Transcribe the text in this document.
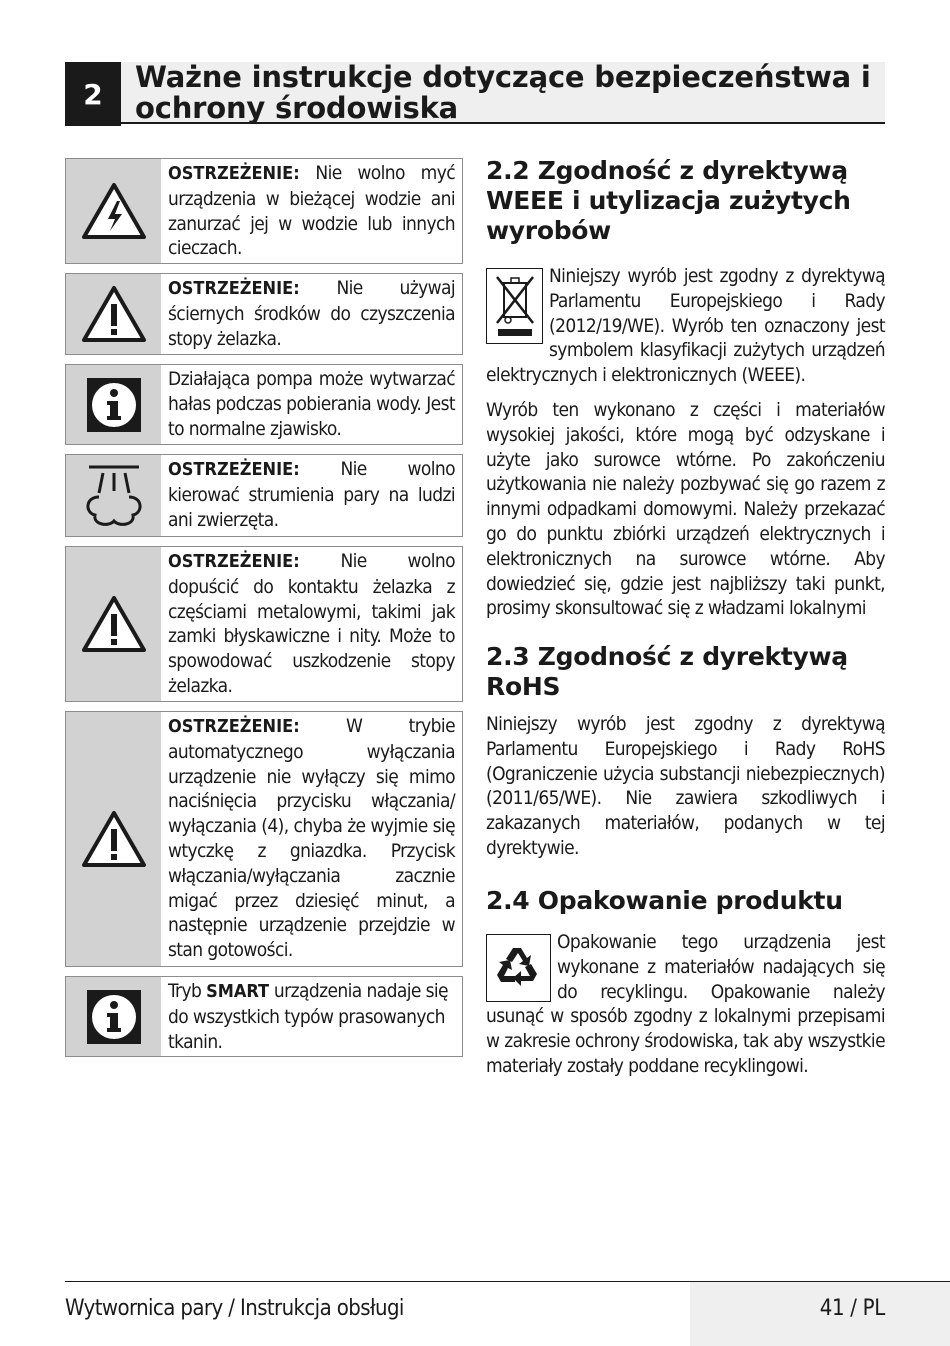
2	Ważne instrukcje dotyczące bezpieczeństwa i
ochrony środowiska
OSTRZEŻENIE: Nie wolno myć urządzenia w bieżącej wodzie ani zanurzać jej w wodzie lub innych cieczach.
OSTRZEŻENIE: Nie używaj ściernych środków do czyszczenia stopy żelazka.
Działająca pompa może wytwarzać hałas podczas pobierania wody. Jest to normalne zjawisko.
OSTRZEŻENIE: Nie wolno kierować strumienia pary na ludzi ani zwierzęta.
OSTRZEŻENIE: Nie wolno dopuścić do kontaktu żelazka z częściami metalowymi, takimi jak zamki błyskawiczne i nity. Może to spowodować uszkodzenie stopy żelazka.
OSTRZEŻENIE: W trybie automatycznego wyłączania urządzenie nie wyłączy się mimo naciśnięcia przycisku włączania/ wyłączania (4), chyba że wyjmie się wtyczkę z gniazdka. Przycisk włączania/wyłączania zacznie migać przez dziesięć minut, a następnie urządzenie przejdzie w stan gotowości.
Tryb SMART urządzenia nadaje się do wszystkich typów prasowanych tkanin.
2.2 Zgodność z dyrektywą WEEE i utylizacja zużytych wyrobów

Niniejszy wyrób jest zgodny z dyrektywą Parlamentu Europejskiego i Rady (2012/19/WE). Wyrób ten oznaczony jest symbolem klasyfikacji zużytych urządzeń elektrycznych i elektronicznych (WEEE).

Wyrób ten wykonano z części i materiałów wysokiej jakości, które mogą być odzyskane i użyte jako surowce wtórne. Po zakończeniu użytkowania nie należy pozbywać się go razem z innymi odpadkami domowymi. Należy przekazać go do punktu zbiórki urządzeń elektrycznych i elektronicznych na surowce wtórne. Aby dowiedzieć się, gdzie jest najbliższy taki punkt, prosimy skonsultować się z władzami lokalnymi

2.3 Zgodność z dyrektywą RoHS

Niniejszy wyrób jest zgodny z dyrektywą Parlamentu Europejskiego i Rady RoHS (Ograniczenie użycia substancji niebezpiecznych) (2011/65/WE). Nie zawiera szkodliwych i zakazanych materiałów, podanych w tej dyrektywie.

2.4 Opakowanie produktu

Opakowanie tego urządzenia jest wykonane z materiałów nadających się do recyklingu. Opakowanie należy usunąć w sposób zgodny z lokalnymi przepisami w zakresie ochrony środowiska, tak aby wszystkie materiały zostały poddane recyklingowi.

Wytwornica pary / Instrukcja obsługi	41 / PL
